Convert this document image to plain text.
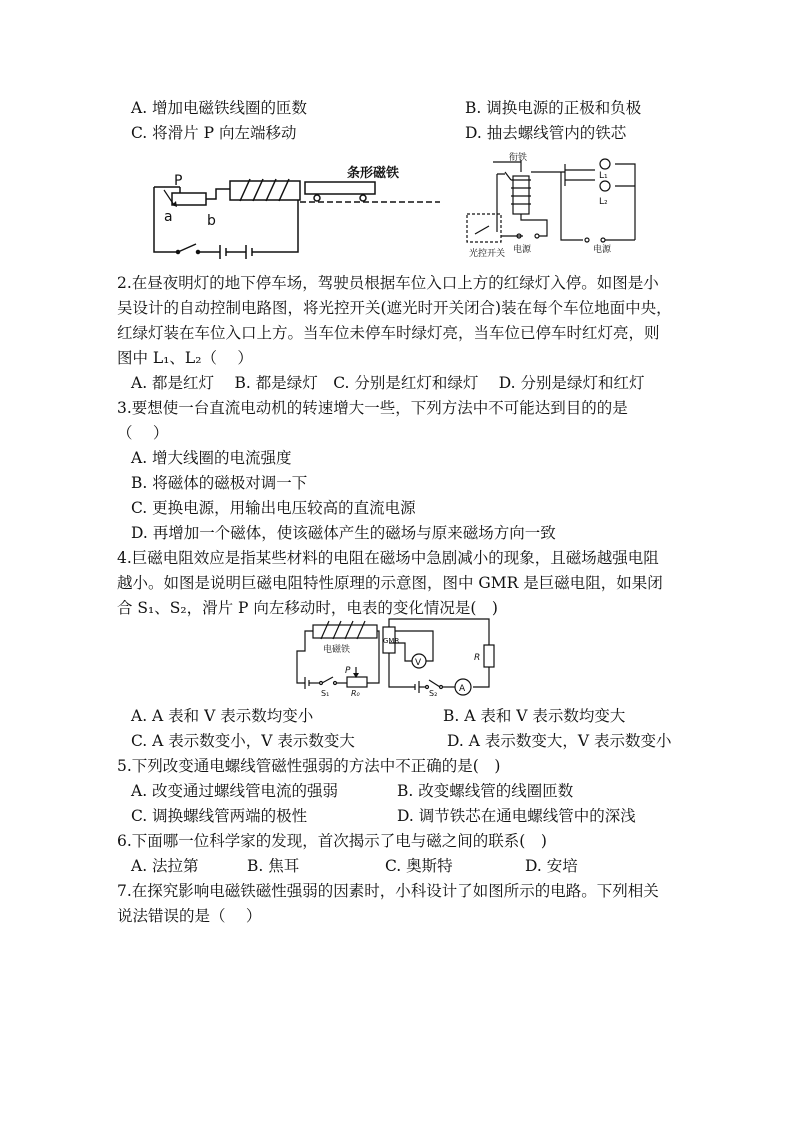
A. 增加电磁铁线圈的匝数	B. 调换电源的正极和负极
C. 将滑片 P 向左端移动	D. 抽去螺线管内的铁芯
P
a b
条形磁铁
衔铁
L₁
L₂
光控开关 电源	电源
2.在昼夜明灯的地下停车场，驾驶员根据车位入口上方的红绿灯入停。如图是小
吴设计的自动控制电路图，将光控开关(遮光时开关闭合)装在每个车位地面中央，
红绿灯装在车位入口上方。当车位未停车时绿灯亮，当车位已停车时红灯亮，则
图中 L₁、L₂（　 ）
A. 都是红灯　 B. 都是绿灯　C. 分别是红灯和绿灯　 D. 分别是绿灯和红灯
3.要想使一台直流电动机的转速增大一些，下列方法中不可能达到目的的是
（　 ）
A. 增大线圈的电流强度
B. 将磁体的磁极对调一下
C. 更换电源，用输出电压较高的直流电源
D. 再增加一个磁体，使该磁体产生的磁场与原来磁场方向一致
4.巨磁电阻效应是指某些材料的电阻在磁场中急剧减小的现象，且磁场越强电阻
越小。如图是说明巨磁电阻特性原理的示意图，图中 GMR 是巨磁电阻，如果闭
合 S₁、S₂，滑片 P 向左移动时，电表的变化情况是(　)
电磁铁
GMR
V	R
P
S₁	R₀	S₂ A
A. A 表和 V 表示数均变小	B. A 表和 V 表示数均变大
C. A 表示数变小，V 表示数变大	D. A 表示数变大，V 表示数变小
5.下列改变通电螺线管磁性强弱的方法中不正确的是(　)
A. 改变通过螺线管电流的强弱	B. 改变螺线管的线圈匝数
C. 调换螺线管两端的极性	D. 调节铁芯在通电螺线管中的深浅
6.下面哪一位科学家的发现，首次揭示了电与磁之间的联系(　)
A. 法拉第	B. 焦耳	C. 奥斯特	D. 安培
7.在探究影响电磁铁磁性强弱的因素时，小科设计了如图所示的电路。下列相关
说法错误的是（　 ）
